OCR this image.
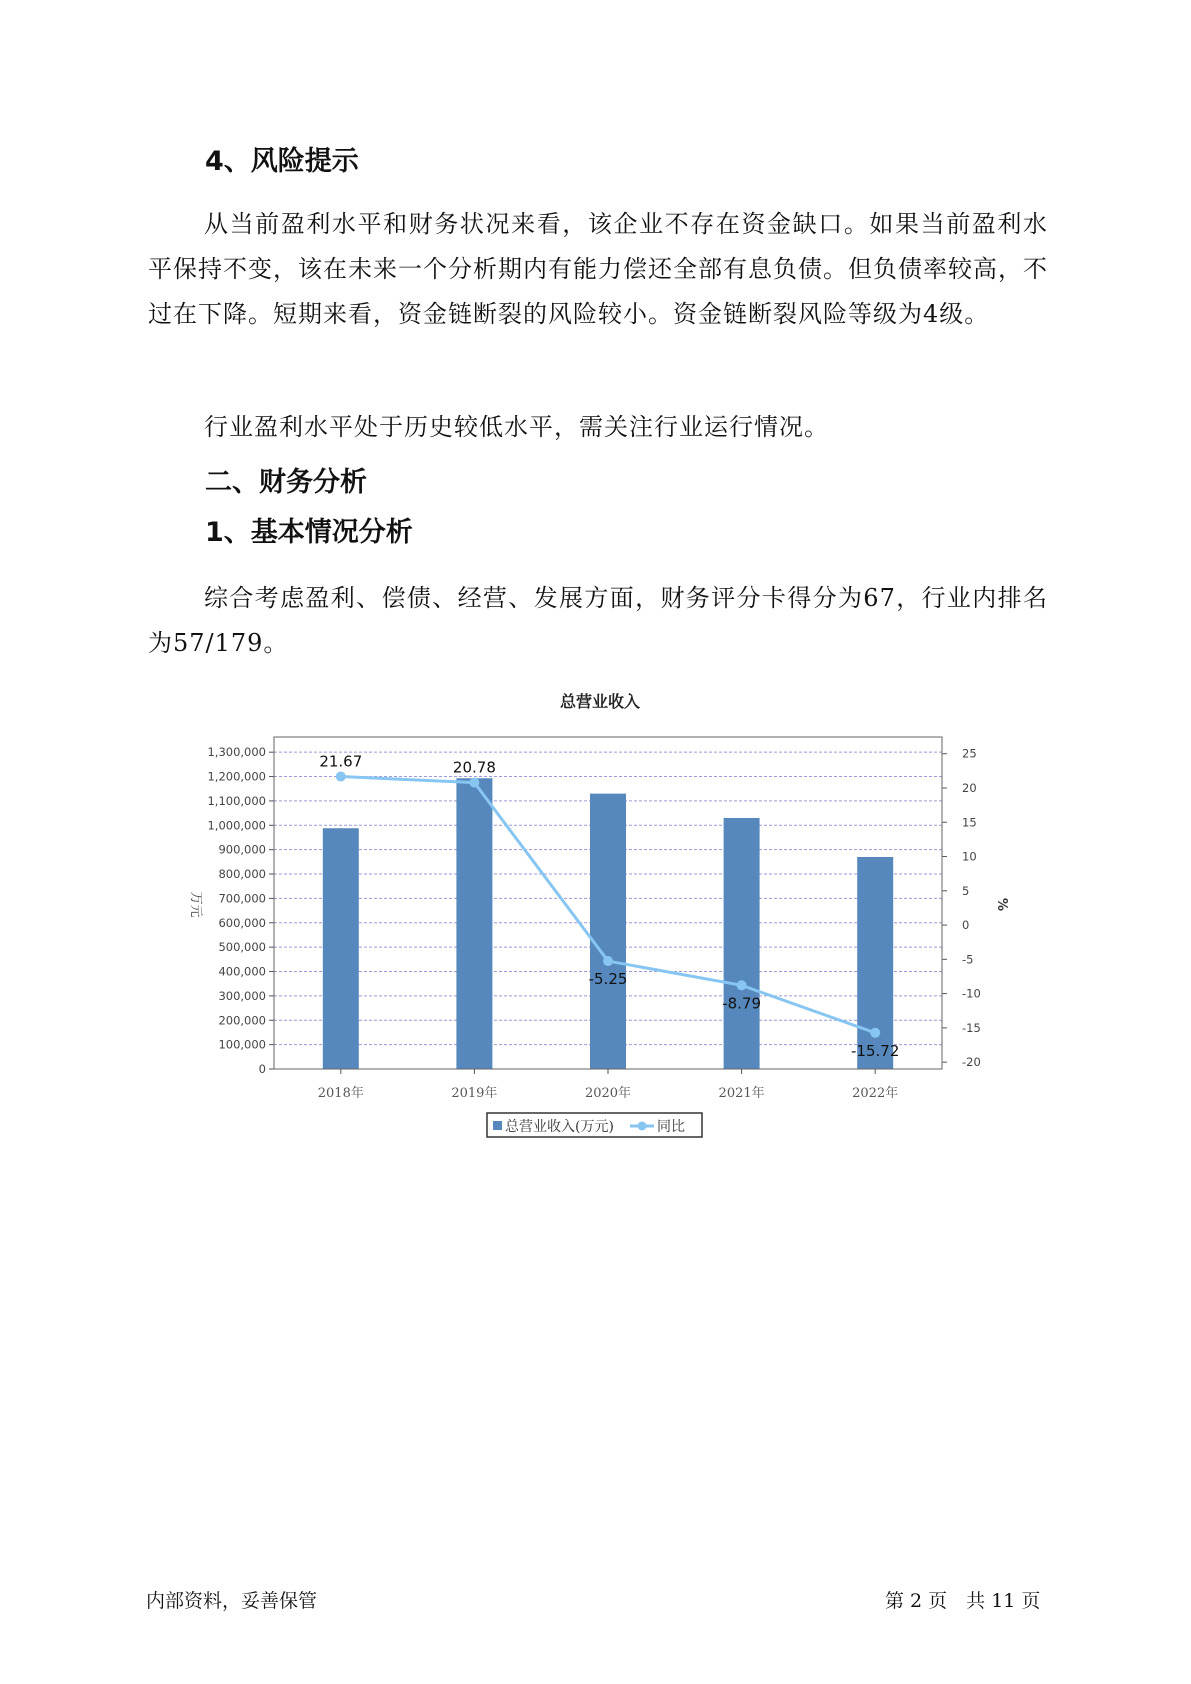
4、风险提示

从当前盈利水平和财务状况来看，该企业不存在资金缺口。如果当前盈利水平保持不变，该在未来一个分析期内有能力偿还全部有息负债。但负债率较高，不过在下降。短期来看，资金链断裂的风险较小。资金链断裂风险等级为4级。

行业盈利水平处于历史较低水平，需关注行业运行情况。

二、财务分析
1、基本情况分析

综合考虑盈利、偿债、经营、发展方面，财务评分卡得分为67，行业内排名为57/179。

总营业收入
0
100,000
200,000
300,000
400,000
500,000
600,000
700,000
800,000
900,000
1,000,000
1,100,000
1,200,000
1,300,000	25
20
15
10
5
0
-5
-10
-15
-20
2018年	2019年	2020年	2021年	2022年
21.67	20.78
-5.25
-8.79
-15.72
万元	%
总营业收入(万元)	同比
内部资料，妥善保管	第 2 页　共 11 页
